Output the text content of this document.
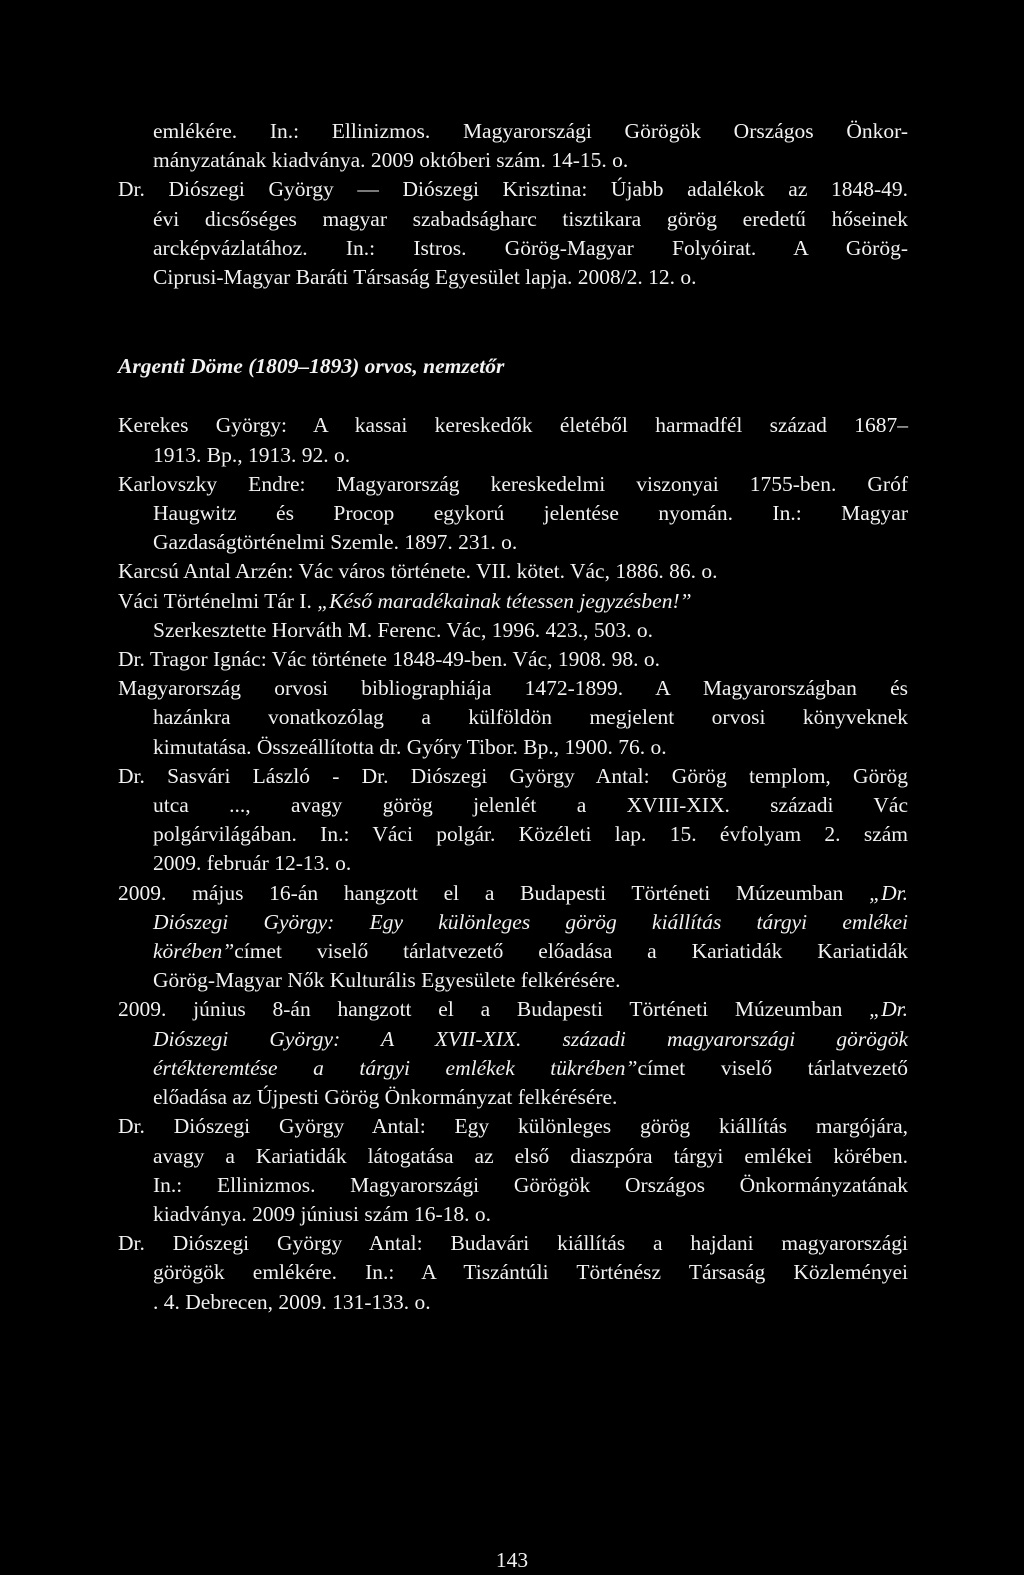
emlékére. In.: Ellinizmos. Magyarországi Görögök Országos Önkor-
mányzatának kiadványa. 2009 októberi szám. 14-15. o.
Dr. Diószegi György — Diószegi Krisztina: Újabb adalékok az 1848-49.
évi dicsőséges magyar szabadságharc tisztikara görög eredetű hőseinek
arcképvázlatához. In.: Istros. Görög-Magyar Folyóirat. A Görög-
Ciprusi-Magyar Baráti Társaság Egyesület lapja. 2008/2. 12. o.
Argenti Döme (1809–1893) orvos, nemzetőr
Kerekes György: A kassai kereskedők életéből harmadfél század 1687–
1913. Bp., 1913. 92. o.
Karlovszky Endre: Magyarország kereskedelmi viszonyai 1755-ben. Gróf
Haugwitz és Procop egykorú jelentése nyomán. In.: Magyar
Gazdaságtörténelmi Szemle. 1897. 231. o.
Karcsú Antal Arzén: Vác város története. VII. kötet. Vác, 1886. 86. o.
Váci Történelmi Tár I. „Késő maradékainak tétessen jegyzésben!”
Szerkesztette Horváth M. Ferenc. Vác, 1996. 423., 503. o.
Dr. Tragor Ignác: Vác története 1848-49-ben. Vác, 1908. 98. o.
Magyarország orvosi bibliographiája 1472-1899. A Magyarországban és
hazánkra vonatkozólag a külföldön megjelent orvosi könyveknek
kimutatása. Összeállította dr. Győry Tibor. Bp., 1900. 76. o.
Dr. Sasvári László - Dr. Diószegi György Antal: Görög templom, Görög
utca ..., avagy görög jelenlét a XVIII-XIX. századi Vác
polgárvilágában. In.: Váci polgár. Közéleti lap. 15. évfolyam 2. szám
2009. február 12-13. o.
2009. május 16-án hangzott el a Budapesti Történeti Múzeumban „Dr.
Diószegi György: Egy különleges görög kiállítás tárgyi emlékei
körében”címet viselő tárlatvezető előadása a Kariatidák Kariatidák
Görög-Magyar Nők Kulturális Egyesülete felkérésére.
2009. június 8-án hangzott el a Budapesti Történeti Múzeumban „Dr.
Diószegi György: A XVII-XIX. századi magyarországi görögök
értékteremtése a tárgyi emlékek tükrében”címet viselő tárlatvezető
előadása az Újpesti Görög Önkormányzat felkérésére.
Dr. Diószegi György Antal: Egy különleges görög kiállítás margójára,
avagy a Kariatidák látogatása az első diaszpóra tárgyi emlékei körében.
In.: Ellinizmos. Magyarországi Görögök Országos Önkormányzatának
kiadványa. 2009 júniusi szám 16-18. o.
Dr. Diószegi György Antal: Budavári kiállítás a hajdani magyarországi
görögök emlékére. In.: A Tiszántúli Történész Társaság Közleményei
. 4. Debrecen, 2009. 131-133. o.
143
